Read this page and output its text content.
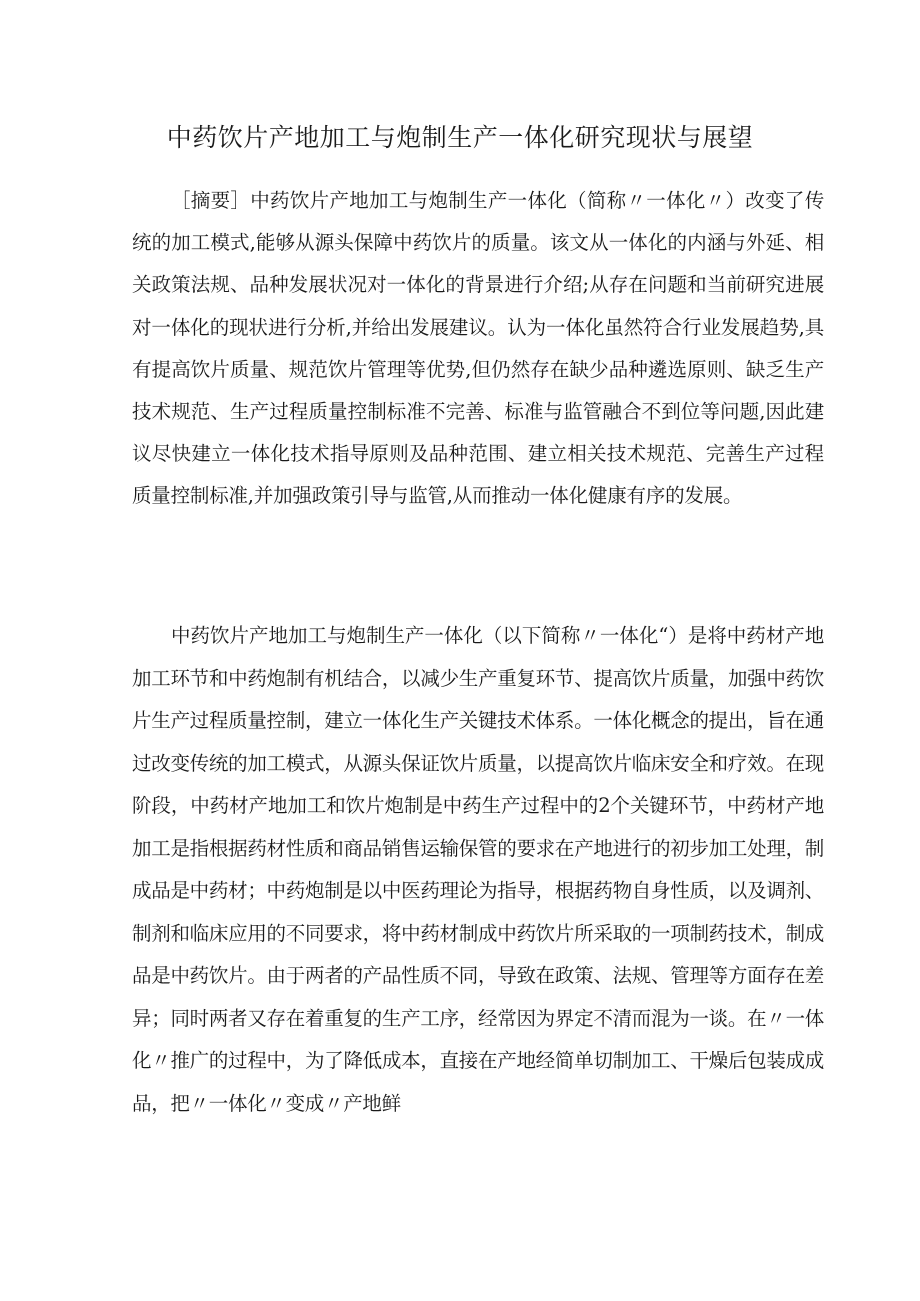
中药饮片产地加工与炮制生产一体化研究现状与展望

［摘要］中药饮片产地加工与炮制生产一体化（简称〃一体化〃）改变了传统的加工模式,能够从源头保障中药饮片的质量。该文从一体化的内涵与外延、相关政策法规、品种发展状况对一体化的背景进行介绍;从存在问题和当前研究进展对一体化的现状进行分析,并给出发展建议。认为一体化虽然符合行业发展趋势,具有提高饮片质量、规范饮片管理等优势,但仍然存在缺少品种遴选原则、缺乏生产技术规范、生产过程质量控制标准不完善、标准与监管融合不到位等问题,因此建议尽快建立一体化技术指导原则及品种范围、建立相关技术规范、完善生产过程质量控制标准,并加强政策引导与监管,从而推动一体化健康有序的发展。

中药饮片产地加工与炮制生产一体化（以下简称〃一体化“）是将中药材产地加工环节和中药炮制有机结合，以减少生产重复环节、提高饮片质量，加强中药饮片生产过程质量控制，建立一体化生产关键技术体系。一体化概念的提出，旨在通过改变传统的加工模式，从源头保证饮片质量，以提高饮片临床安全和疗效。在现阶段，中药材产地加工和饮片炮制是中药生产过程中的2个关键环节，中药材产地加工是指根据药材性质和商品销售运输保管的要求在产地进行的初步加工处理，制成品是中药材；中药炮制是以中医药理论为指导，根据药物自身性质，以及调剂、制剂和临床应用的不同要求，将中药材制成中药饮片所采取的一项制药技术，制成品是中药饮片。由于两者的产品性质不同，导致在政策、法规、管理等方面存在差异；同时两者又存在着重复的生产工序，经常因为界定不清而混为一谈。在〃一体化〃推广的过程中，为了降低成本，直接在产地经简单切制加工、干燥后包装成成品，把〃一体化〃变成〃产地鲜
